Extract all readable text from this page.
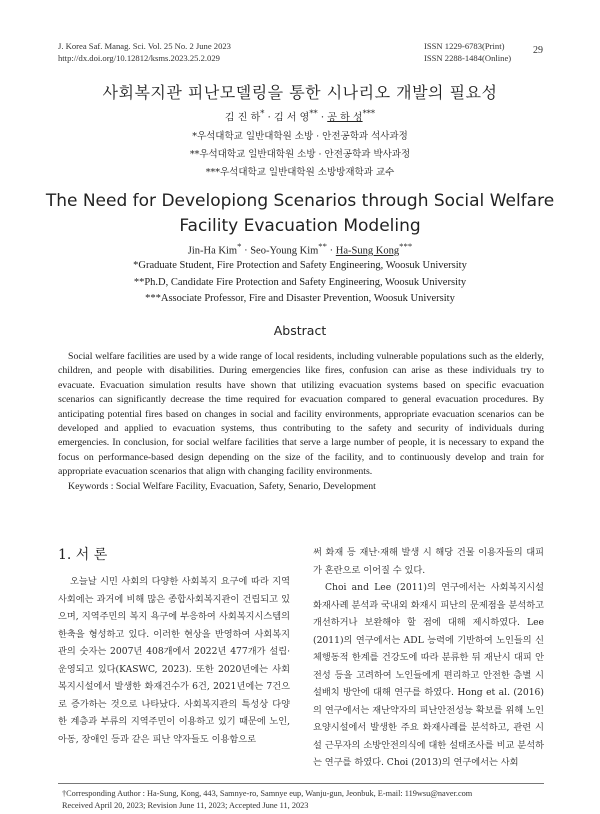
J. Korea Saf. Manag. Sci. Vol. 25 No. 2 June 2023
http://dx.doi.org/10.12812/ksms.2023.25.2.029
ISSN 1229-6783(Print)
ISSN 2288-1484(Online)
29
사회복지관 피난모델링을 통한 시나리오 개발의 필요성
김 진 하* · 김 서 영** · 공 하 성***
*우석대학교 일반대학원 소방 · 안전공학과 석사과정
**우석대학교 일반대학원 소방 · 안전공학과 박사과정
***우석대학교 일반대학원 소방방재학과 교수
The Need for Developiong Scenarios through Social Welfare
Facility Evacuation Modeling
Jin-Ha Kim* · Seo-Young Kim** · Ha-Sung Kong***
*Graduate Student, Fire Protection and Safety Engineering, Woosuk University
**Ph.D, Candidate Fire Protection and Safety Engineering, Woosuk University
***Associate Professor, Fire and Disaster Prevention, Woosuk University
Abstract

Social welfare facilities are used by a wide range of local residents, including vulnerable populations such as the elderly, children, and people with disabilities. During emergencies like fires, confusion can arise as these individuals try to evacuate. Evacuation simulation results have shown that utilizing evacuation systems based on specific evacuation scenarios can significantly decrease the time required for evacuation compared to general evacuation procedures. By anticipating potential fires based on changes in social and facility environments, appropriate evacuation scenarios can be developed and applied to evacuation systems, thus contributing to the safety and security of individuals during emergencies. In conclusion, for social welfare facilities that serve a large number of people, it is necessary to expand the focus on performance-based design depending on the size of the facility, and to continuously develop and train for appropriate evacuation scenarios that align with changing facility environments.

Keywords : Social Welfare Facility, Evacuation, Safety, Senario, Development

1. 서 론

오늘날 시민 사회의 다양한 사회복지 요구에 따라 지역사회에는 과거에 비해 많은 종합사회복지관이 건립되고 있으며, 지역주민의 복지 욕구에 부응하여 사회복지시스템의 한축을 형성하고 있다. 이러한 현상을 반영하여 사회복지관의 숫자는 2007년 408개에서 2022년 477개가 설립·운영되고 있다(KASWC, 2023). 또한 2020년에는 사회복지시설에서 발생한 화재건수가 6건, 2021년에는 7건으로 증가하는 것으로 나타났다. 사회복지관의 특성상 다양한 계층과 부류의 지역주민이 이용하고 있기 때문에 노인, 아동, 장애인 등과 같은 피난 약자들도 이용함으로

써 화재 등 재난·재해 발생 시 해당 건물 이용자들의 대피가 혼란으로 이어질 수 있다.

Choi and Lee (2011)의 연구에서는 사회복지시설 화재사례 분석과 국내외 화재시 피난의 문제점을 분석하고 개선하거나 보완해야 할 점에 대해 제시하였다. Lee (2011)의 연구에서는 ADL 능력에 기반하여 노인들의 신체행동적 한계를 건강도에 따라 분류한 뒤 재난시 대피 안전성 등을 고려하여 노인들에게 편리하고 안전한 층별 시설배치 방안에 대해 연구를 하였다. Hong et al. (2016)의 연구에서는 재난약자의 피난안전성능 확보를 위해 노인요양시설에서 발생한 주요 화재사례를 분석하고, 관련 시설 근무자의 소방안전의식에 대한 설태조사를 비교 분석하는 연구를 하였다. Choi (2013)의 연구에서는 사회

†Corresponding Author : Ha-Sung, Kong, 443, Samnye-ro, Samnye eup, Wanju-gun, Jeonbuk, E-mail: 119wsu@naver.com
Received April 20, 2023; Revision June 11, 2023; Accepted June 11, 2023
